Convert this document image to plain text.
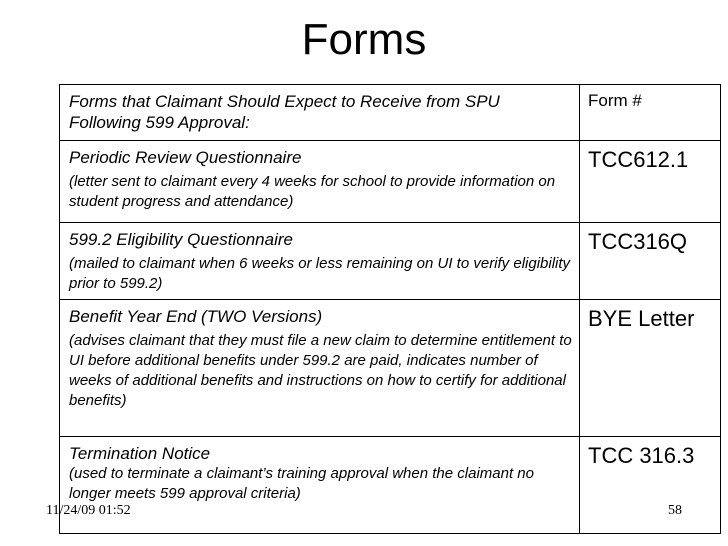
Forms
Forms that Claimant Should Expect to Receive from SPU Following 599 Approval:	Form #

Periodic Review Questionnaire
(letter sent to claimant every 4 weeks for school to provide information on student progress and attendance)	TCC612.1

599.2 Eligibility Questionnaire
(mailed to claimant when 6 weeks or less remaining on UI to verify eligibility prior to 599.2)	TCC316Q

Benefit Year End (TWO Versions)
(advises claimant that they must file a new claim to determine entitlement to UI before additional benefits under 599.2 are paid, indicates number of weeks of additional benefits and instructions on how to certify for additional benefits)	BYE Letter

Termination Notice
(used to terminate a claimant’s training approval when the claimant no longer meets 599 approval criteria)	TCC 316.3
11/24/09 01:52	58
